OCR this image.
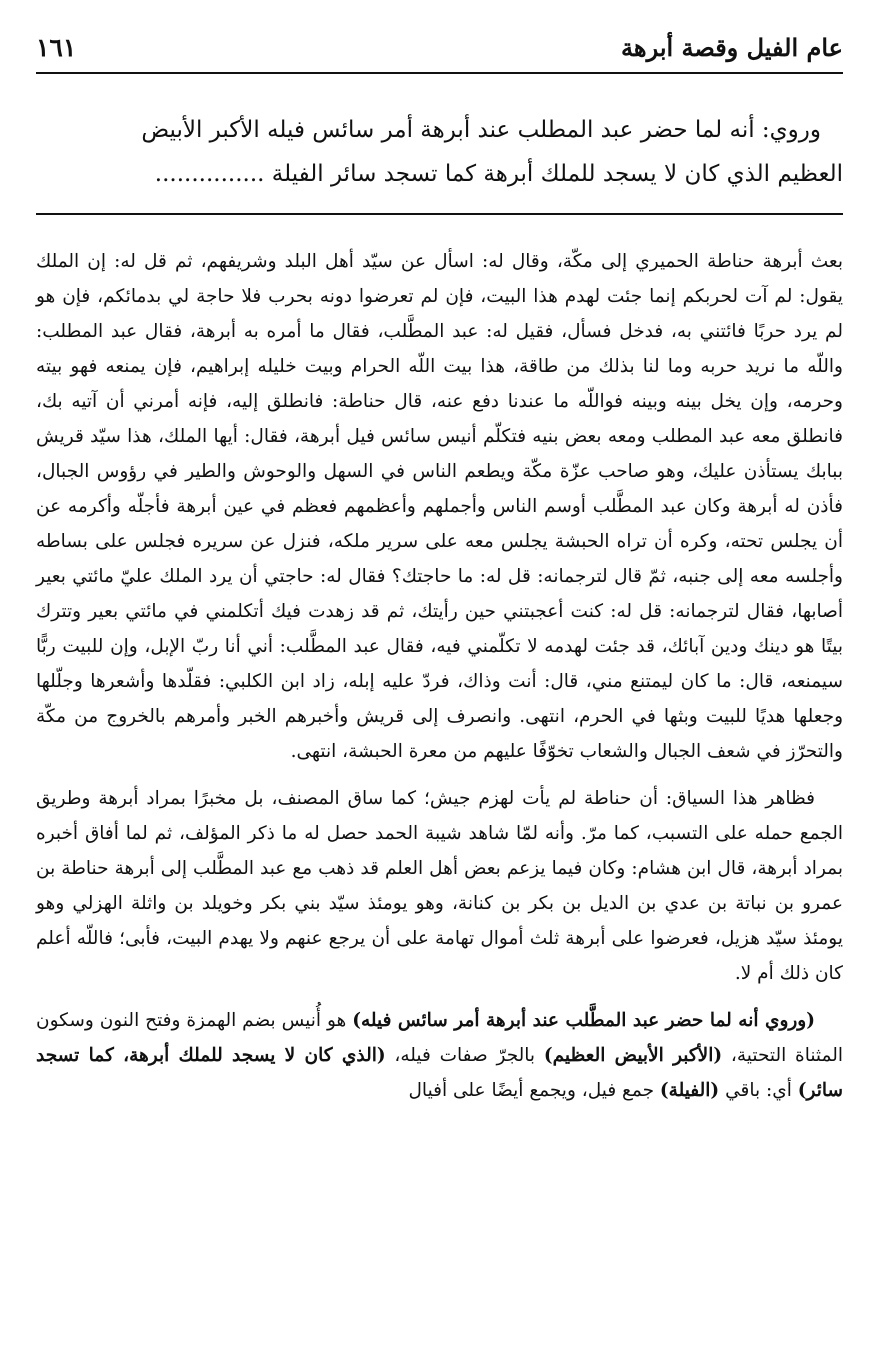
عام الفيل وقصة أبرهة
١٦١

وروي: أنه لما حضر عبد المطلب عند أبرهة أمر سائس فيله الأكبر الأبيض

العظيم الذي كان لا يسجد للملك أبرهة كما تسجد سائر الفيلة ...............

بعث أبرهة حناطة الحميري إلى مكّة، وقال له: اسأل عن سيّد أهل البلد وشريفهم، ثم قل له: إن الملك يقول: لم آت لحربكم إنما جئت لهدم هذا البيت، فإن لم تعرضوا دونه بحرب فلا حاجة لي بدمائكم، فإن هو لم يرد حربًا فائتني به، فدخل فسأل، فقيل له: عبد المطَّلب، فقال ما أمره به أبرهة، فقال عبد المطلب: واللّه ما نريد حربه وما لنا بذلك من طاقة، هذا بيت اللّه الحرام وبيت خليله إبراهيم، فإن يمنعه فهو بيته وحرمه، وإن يخل بينه وبينه فواللّه ما عندنا دفع عنه، قال حناطة: فانطلق إليه، فإنه أمرني أن آتيه بك، فانطلق معه عبد المطلب ومعه بعض بنيه فتكلّم أنيس سائس فيل أبرهة، فقال: أيها الملك، هذا سيّد قريش ببابك يستأذن عليك، وهو صاحب عزّة مكّة ويطعم الناس في السهل والوحوش والطير في رؤوس الجبال، فأذن له أبرهة وكان عبد المطَّلب أوسم الناس وأجملهم وأعظمهم فعظم في عين أبرهة فأجلّه وأكرمه عن أن يجلس تحته، وكره أن تراه الحبشة يجلس معه على سرير ملكه، فنزل عن سريره فجلس على بساطه وأجلسه معه إلى جنبه، ثمّ قال لترجمانه: قل له: ما حاجتك؟ فقال له: حاجتي أن يرد الملك عليّ مائتي بعير أصابها، فقال لترجمانه: قل له: كنت أعجبتني حين رأيتك، ثم قد زهدت فيك أتكلمني في مائتي بعير وتترك بيتًا هو دينك ودين آبائك، قد جئت لهدمه لا تكلّمني فيه، فقال عبد المطَّلب: أني أنا ربّ الإبل، وإن للبيت ربًّا سيمنعه، قال: ما كان ليمتنع مني، قال: أنت وذاك، فردّ عليه إبله، زاد ابن الكلبي: فقلّدها وأشعرها وجلّلها وجعلها هديًا للبيت وبثها في الحرم، انتهى. وانصرف إلى قريش وأخبرهم الخبر وأمرهم بالخروج من مكّة والتحرّز في شعف الجبال والشعاب تخوّفًا عليهم من معرة الحبشة، انتهى.

فظاهر هذا السياق: أن حناطة لم يأت لهزم جيش؛ كما ساق المصنف، بل مخبرًا بمراد أبرهة وطريق الجمع حمله على التسبب، كما مرّ. وأنه لمّا شاهد شيبة الحمد حصل له ما ذكر المؤلف، ثم لما أفاق أخبره بمراد أبرهة، قال ابن هشام: وكان فيما يزعم بعض أهل العلم قد ذهب مع عبد المطَّلب إلى أبرهة حناطة بن عمرو بن نباتة بن عدي بن الديل بن بكر بن كنانة، وهو يومئذ سيّد بني بكر وخويلد بن واثلة الهزلي وهو يومئذ سيّد هزيل، فعرضوا على أبرهة ثلث أموال تهامة على أن يرجع عنهم ولا يهدم البيت، فأبى؛ فاللّه أعلم كان ذلك أم لا.

(وروي أنه لما حضر عبد المطَّلب عند أبرهة أمر سائس فيله) هو أُنيس بضم الهمزة وفتح النون وسكون المثناة التحتية، (الأكبر الأبيض العظيم) بالجرّ صفات فيله، (الذي كان لا يسجد للملك أبرهة، كما تسجد سائر) أي: باقي (الفيلة) جمع فيل، ويجمع أيضًا على أفيال
